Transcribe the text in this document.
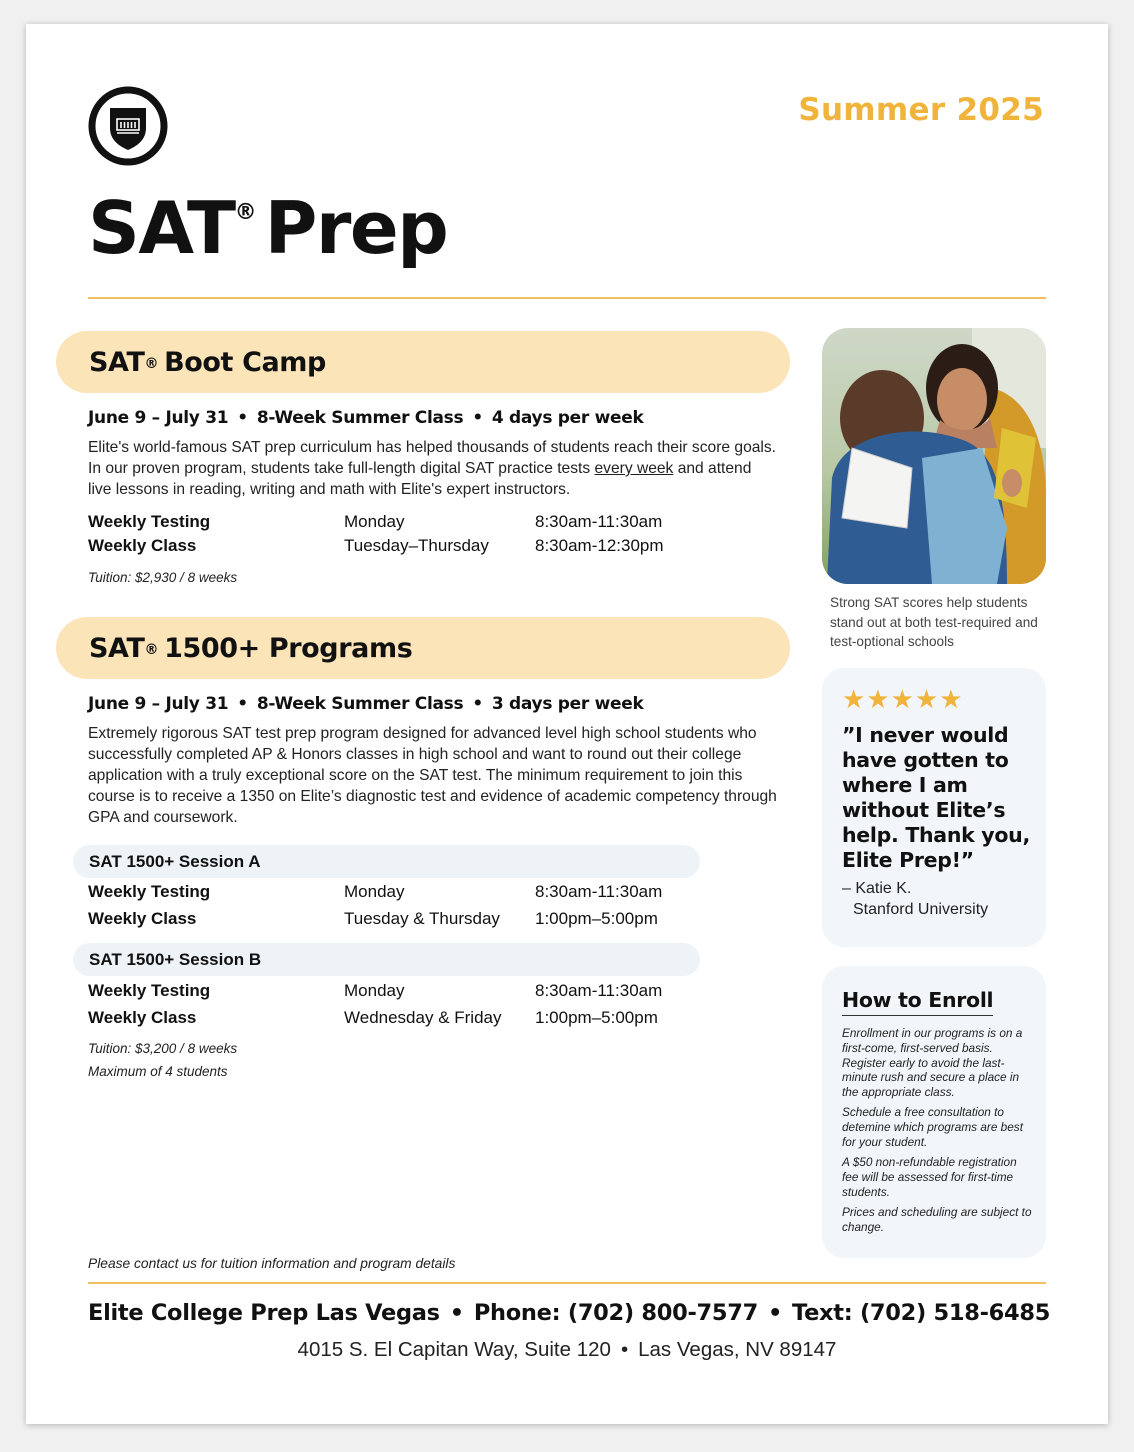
Summer 2025
SAT® Prep
SAT® Boot Camp
June 9 – July 31 • 8-Week Summer Class • 4 days per week
Elite's world-famous SAT prep curriculum has helped thousands of students reach their score goals. In our proven program, students take full-length digital SAT practice tests every week and attend live lessons in reading, writing and math with Elite's expert instructors.
Weekly Testing	Monday	8:30am-11:30am
Weekly Class	Tuesday–Thursday	8:30am-12:30pm
Tuition: $2,930 / 8 weeks
SAT® 1500+ Programs
June 9 – July 31 • 8-Week Summer Class • 3 days per week
Extremely rigorous SAT test prep program designed for advanced level high school students who successfully completed AP & Honors classes in high school and want to round out their college application with a truly exceptional score on the SAT test. The minimum requirement to join this course is to receive a 1350 on Elite’s diagnostic test and evidence of academic competency through GPA and coursework.
SAT 1500+ Session A
Weekly Testing	Monday	8:30am-11:30am
Weekly Class	Tuesday & Thursday 1:00pm–5:00pm
SAT 1500+ Session B
Weekly Testing	Monday	8:30am-11:30am
Weekly Class	Wednesday & Friday 1:00pm–5:00pm
Tuition: $3,200 / 8 weeks
Maximum of 4 students
Strong SAT scores help students stand out at both test-required and test-optional schools
★★★★★
”I never would have gotten to where I am without Elite’s help. Thank you, Elite Prep!”
– Katie K.
Stanford University
How to Enroll

Enrollment in our programs is on a first-come, first-served basis. Register early to avoid the last-minute rush and secure a place in the appropriate class.

Schedule a free consultation to detemine which programs are best for your student.

A $50 non-refundable registration fee will be assessed for first-time students.

Prices and scheduling are subject to change.

Please contact us for tuition information and program details
Elite College Prep Las Vegas • Phone: (702) 800-7577 • Text: (702) 518-6485
4015 S. El Capitan Way, Suite 120 • Las Vegas, NV 89147
